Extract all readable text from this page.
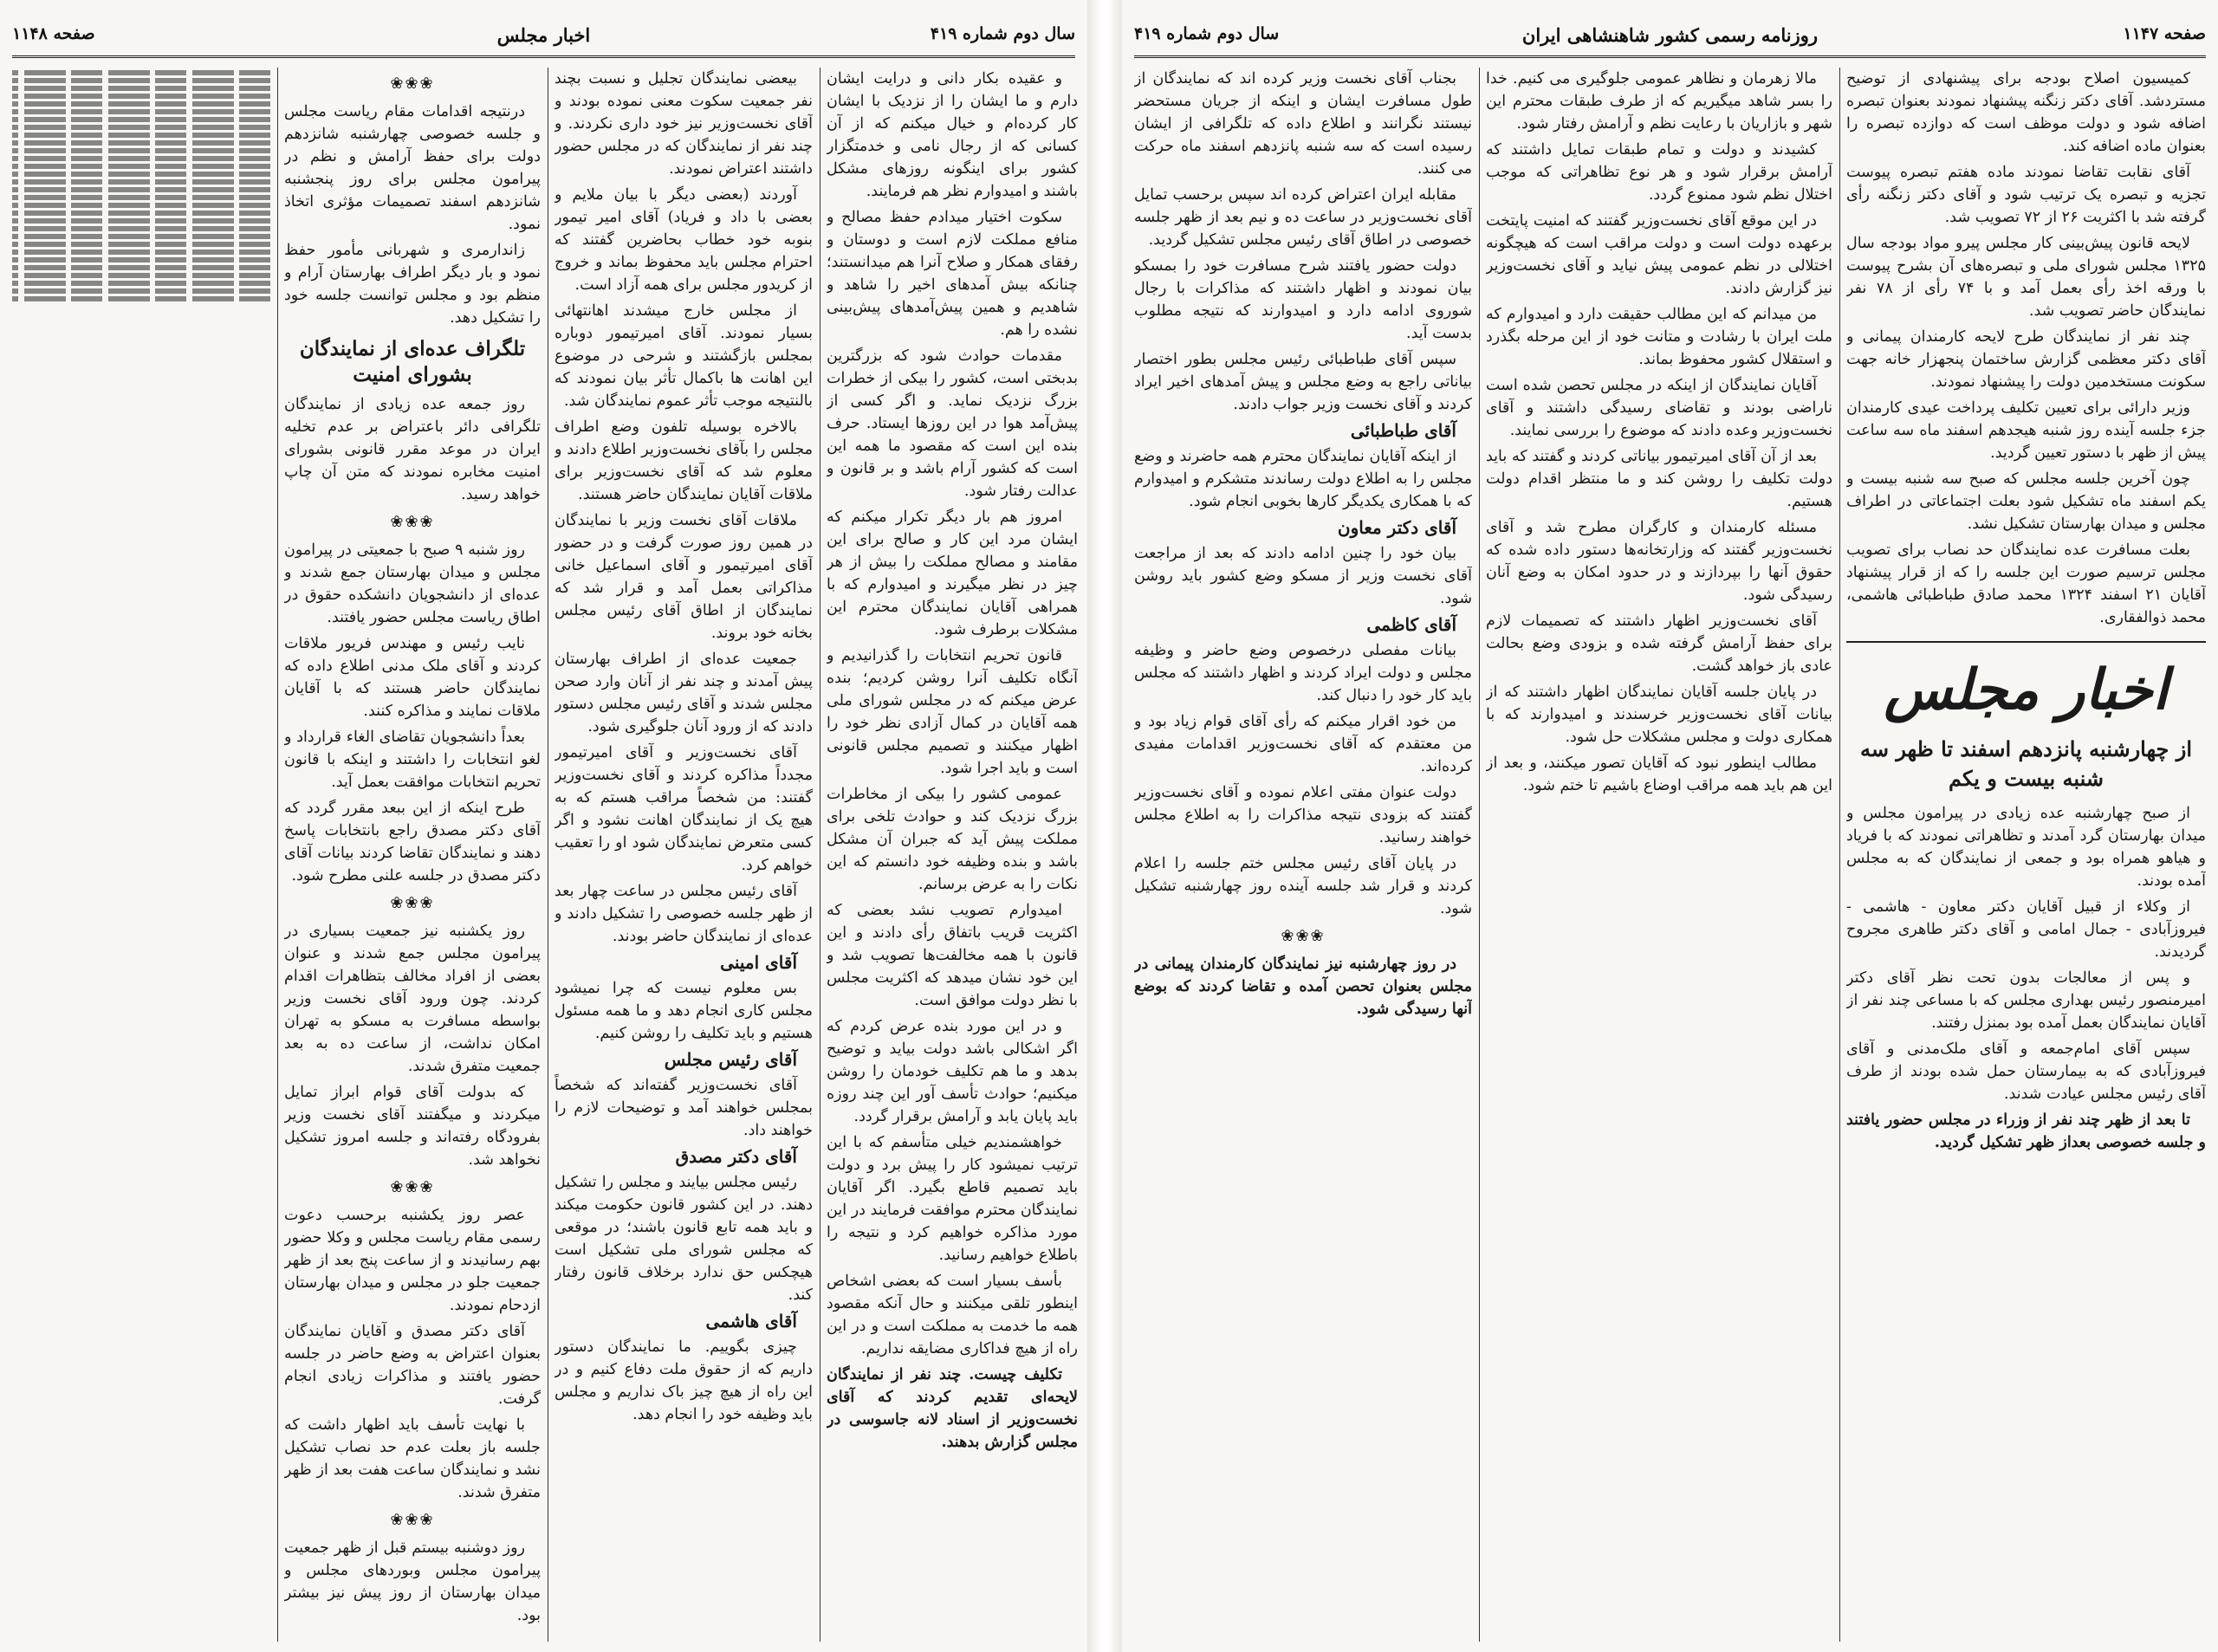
صفحه ۱۱۴۸	اخبار مجلس	سال دوم شماره ۴۱۹
❀❀❀
درنتیجه اقدامات مقام ریاست مجلس و جلسه خصوصی چهارشنبه شانزدهم دولت برای حفظ آرامش و نظم در پیرامون مجلس برای روز پنجشنبه شانزدهم اسفند تصمیمات مؤثری اتخاذ نمود.
زاندارمری و شهربانی مأمور حفظ نمود و بار دیگر اطراف بهارستان آرام و منظم بود و مجلس توانست جلسه خود را تشکیل دهد.
تلگراف عده‌ای از نمایندگان بشورای امنیت
روز جمعه عده زیادی از نمایندگان تلگرافی دائر باعتراض بر عدم تخلیه ایران در موعد مقرر قانونی بشورای امنیت مخابره نمودند که متن آن چاپ خواهد رسید.
❀❀❀
روز شنبه ۹ صبح با جمعیتی در پیرامون مجلس و میدان بهارستان جمع شدند و عده‌ای از دانشجویان دانشکده حقوق در اطاق ریاست مجلس حضور یافتند.
نایب رئیس و مهندس فریور ملاقات کردند و آقای ملک مدنی اطلاع داده که نمایندگان حاضر هستند که با آقایان ملاقات نمایند و مذاکره کنند.
بعداً دانشجویان تقاضای الغاء قرارداد و لغو انتخابات را داشتند و اینکه با قانون تحریم انتخابات موافقت بعمل آید.
طرح اینکه از این ببعد مقرر گردد که آقای دکتر مصدق راجع بانتخابات پاسخ دهند و نمایندگان تقاضا کردند بیانات آقای دکتر مصدق در جلسه علنی مطرح شود.
❀❀❀
روز یکشنبه نیز جمعیت بسیاری در پیرامون مجلس جمع شدند و عنوان بعضی از افراد مخالف بتظاهرات اقدام کردند. چون ورود آقای نخست وزیر بواسطه مسافرت به مسکو به تهران امکان نداشت، از ساعت ده به بعد جمعیت متفرق شدند.
که بدولت آقای قوام ابراز تمایل میکردند و میگفتند آقای نخست وزیر بفرودگاه رفته‌اند و جلسه امروز تشکیل نخواهد شد.
❀❀❀
عصر روز یکشنبه برحسب دعوت رسمی مقام ریاست مجلس و وکلا حضور بهم رسانیدند و از ساعت پنج بعد از ظهر جمعیت جلو در مجلس و میدان بهارستان ازدحام نمودند.
آقای دکتر مصدق و آقایان نمایندگان بعنوان اعتراض به وضع حاضر در جلسه حضور یافتند و مذاکرات زیادی انجام گرفت.
با نهایت تأسف باید اظهار داشت که جلسه باز بعلت عدم حد نصاب تشکیل نشد و نمایندگان ساعت هفت بعد از ظهر متفرق شدند.
❀❀❀
روز دوشنبه بیستم قبل از ظهر جمعیت پیرامون مجلس وبوردهای مجلس و میدان بهارستان از روز پیش نیز بیشتر بود.
بیعضی نمایندگان تجلیل و نسبت بچند نفر جمعیت سکوت معنی نموده بودند و آقای نخست‌وزیر نیز خود داری نکردند. و چند نفر از نمایندگان که در مجلس حضور داشتند اعتراض نمودند.
آوردند (بعضی دیگر با بیان ملایم و بعضی با داد و فریاد) آقای امیر تیمور بنوبه خود خطاب بحاضرین گفتند که احترام مجلس باید محفوظ بماند و خروج از کریدور مجلس برای همه آزاد است.
از مجلس خارج میشدند اهانتهائی بسیار نمودند. آقای امیرتیمور دوباره بمجلس بازگشتند و شرحی در موضوع این اهانت ها باکمال تأثر بیان نمودند که بالنتیجه موجب تأثر عموم نمایندگان شد.
بالاخره بوسیله تلفون وضع اطراف مجلس را بآقای نخست‌وزیر اطلاع دادند و معلوم شد که آقای نخست‌وزیر برای ملاقات آقایان نمایندگان حاضر هستند.
ملاقات آقای نخست وزیر با نمایندگان در همین روز صورت گرفت و در حضور آقای امیرتیمور و آقای اسماعیل خانی مذاکراتی بعمل آمد و قرار شد که نمایندگان از اطاق آقای رئیس مجلس بخانه خود بروند.
جمعیت عده‌ای از اطراف بهارستان پیش آمدند و چند نفر از آنان وارد صحن مجلس شدند و آقای رئیس مجلس دستور دادند که از ورود آنان جلوگیری شود.
آقای نخست‌وزیر و آقای امیرتیمور مجدداً مذاکره کردند و آقای نخست‌وزیر گفتند: من شخصاً مراقب هستم که به هیچ یک از نمایندگان اهانت نشود و اگر کسی متعرض نمایندگان شود او را تعقیب خواهم کرد.
آقای رئیس مجلس در ساعت چهار بعد از ظهر جلسه خصوصی را تشکیل دادند و عده‌ای از نمایندگان حاضر بودند.
آقای امینی
بس معلوم نیست که چرا نمیشود مجلس کاری انجام دهد و ما همه مسئول هستیم و باید تکلیف را روشن کنیم.
آقای رئیس مجلس
آقای نخست‌وزیر گفته‌اند که شخصاً بمجلس خواهند آمد و توضیحات لازم را خواهند داد.
آقای دکتر مصدق
رئیس مجلس بیایند و مجلس را تشکیل دهند. در این کشور قانون حکومت میکند و باید همه تابع قانون باشند؛ در موقعی که مجلس شورای ملی تشکیل است هیچکس حق ندارد برخلاف قانون رفتار کند.
آقای هاشمی
چیزی بگوییم. ما نمایندگان دستور داریم که از حقوق ملت دفاع کنیم و در این راه از هیچ چیز باک نداریم و مجلس باید وظیفه خود را انجام دهد.
و عقیده بکار دانی و درایت ایشان دارم و ما ایشان را از نزدیک با ایشان کار کرده‌ام و خیال میکنم که از آن کسانی که از رجال نامی و خدمتگزار کشور برای اینگونه روزهای مشکل باشند و امیدوارم نظر هم فرمایند.
سکوت اختیار میدادم حفظ مصالح و منافع مملکت لازم است و دوستان و رفقای همکار و صلاح آنرا هم میدانستند؛ چنانکه بیش آمدهای اخیر را شاهد و شاهدیم و همین پیش‌آمدهای پیش‌بینی نشده را هم.
مقدمات حوادث شود که بزرگترین بدبختی است، کشور را بیکی از خطرات بزرگ نزدیک نماید. و اگر کسی از پیش‌آمد هوا در این روزها ایستاد. حرف بنده این است که مقصود ما همه این است که کشور آرام باشد و بر قانون و عدالت رفتار شود.
امروز هم بار دیگر تکرار میکنم که ایشان مرد این کار و صالح برای این مقامند و مصالح مملکت را بیش از هر چیز در نظر میگیرند و امیدوارم که با همراهی آقایان نمایندگان محترم این مشکلات برطرف شود.
قانون تحریم انتخابات را گذرانیدیم و آنگاه تکلیف آنرا روشن کردیم؛ بنده عرض میکنم که در مجلس شورای ملی همه آقایان در کمال آزادی نظر خود را اظهار میکنند و تصمیم مجلس قانونی است و باید اجرا شود.
عمومی کشور را بیکی از مخاطرات بزرگ نزدیک کند و حوادث تلخی برای مملکت پیش آید که جبران آن مشکل باشد و بنده وظیفه خود دانستم که این نکات را به عرض برسانم.
امیدوارم تصویب نشد بعضی که اکثریت قریب باتفاق رأی دادند و این قانون با همه مخالفت‌ها تصویب شد و این خود نشان میدهد که اکثریت مجلس با نظر دولت موافق است.
و در این مورد بنده عرض کردم که اگر اشکالی باشد دولت بیاید و توضیح بدهد و ما هم تکلیف خودمان را روشن میکنیم؛ حوادث تأسف آور این چند روزه باید پایان یابد و آرامش برقرار گردد.
خواهشمندیم خیلی متأسفم که با این ترتیب نمیشود کار را پیش برد و دولت باید تصمیم قاطع بگیرد. اگر آقایان نمایندگان محترم موافقت فرمایند در این مورد مذاکره خواهیم کرد و نتیجه را باطلاع خواهیم رسانید.
بأسف بسیار است که بعضی اشخاص اینطور تلقی میکنند و حال آنکه مقصود همه ما خدمت به مملکت است و در این راه از هیچ فداکاری مضایقه نداریم.
تکلیف چیست. چند نفر از نمایندگان لایحه‌ای تقدیم کردند که آقای نخست‌وزیر از اسناد لانه جاسوسی در مجلس گزارش بدهند.
سال دوم شماره ۴۱۹	روزنامه رسمی کشور شاهنشاهی ایران	صفحه ۱۱۴۷
بجناب آقای نخست وزیر کرده اند که نمایندگان از طول مسافرت ایشان و اینکه از جریان مستحضر نیستند نگرانند و اطلاع داده که تلگرافی از ایشان رسیده است که سه شنبه پانزدهم اسفند ماه حرکت می کنند.
مقابله ایران اعتراض کرده اند سپس برحسب تمایل آقای نخست‌وزیر در ساعت ده و نیم بعد از ظهر جلسه خصوصی در اطاق آقای رئیس مجلس تشکیل گردید.
دولت حضور یافتند شرح مسافرت خود را بمسکو بیان نمودند و اظهار داشتند که مذاکرات با رجال شوروی ادامه دارد و امیدوارند که نتیجه مطلوب بدست آید.
سپس آقای طباطبائی رئیس مجلس بطور اختصار بیاناتی راجع به وضع مجلس و پیش آمدهای اخیر ایراد کردند و آقای نخست وزیر جواب دادند.
آقای طباطبائی
از اینکه آقایان نمایندگان محترم همه حاضرند و وضع مجلس را به اطلاع دولت رساندند متشکرم و امیدوارم که با همکاری یکدیگر کارها بخوبی انجام شود.
آقای دکتر معاون
بیان خود را چنین ادامه دادند که بعد از مراجعت آقای نخست وزیر از مسکو وضع کشور باید روشن شود.
آقای کاظمی
بیانات مفصلی درخصوص وضع حاضر و وظیفه مجلس و دولت ایراد کردند و اظهار داشتند که مجلس باید کار خود را دنبال کند.
من خود اقرار میکنم که رأی آقای قوام زیاد بود و من معتقدم که آقای نخست‌وزیر اقدامات مفیدی کرده‌اند.
دولت عنوان مفتی اعلام نموده و آقای نخست‌وزیر گفتند که بزودی نتیجه مذاکرات را به اطلاع مجلس خواهند رسانید.
در پایان آقای رئیس مجلس ختم جلسه را اعلام کردند و قرار شد جلسه آینده روز چهارشنبه تشکیل شود.
❀❀❀
در روز چهارشنبه نیز نمایندگان کارمندان پیمانی در مجلس بعنوان تحصن آمده و تقاضا کردند که بوضع آنها رسیدگی شود.
مالا زهرمان و نظاهر عمومی جلوگیری می کنیم. خدا را بسر شاهد میگیریم که از طرف طبقات محترم این شهر و بازاریان با رعایت نظم و آرامش رفتار شود.
کشیدند و دولت و تمام طبقات تمایل داشتند که آرامش برقرار شود و هر نوع تظاهراتی که موجب اختلال نظم شود ممنوع گردد.
در این موقع آقای نخست‌وزیر گفتند که امنیت پایتخت برعهده دولت است و دولت مراقب است که هیچگونه اختلالی در نظم عمومی پیش نیاید و آقای نخست‌وزیر نیز گزارش دادند.
من میدانم که این مطالب حقیقت دارد و امیدوارم که ملت ایران با رشادت و متانت خود از این مرحله بگذرد و استقلال کشور محفوظ بماند.
آقایان نمایندگان از اینکه در مجلس تحصن شده است ناراضی بودند و تقاضای رسیدگی داشتند و آقای نخست‌وزیر وعده دادند که موضوع را بررسی نمایند.
بعد از آن آقای امیرتیمور بیاناتی کردند و گفتند که باید دولت تکلیف را روشن کند و ما منتظر اقدام دولت هستیم.
مسئله کارمندان و کارگران مطرح شد و آقای نخست‌وزیر گفتند که وزارتخانه‌ها دستور داده شده که حقوق آنها را بپردازند و در حدود امکان به وضع آنان رسیدگی شود.
آقای نخست‌وزیر اظهار داشتند که تصمیمات لازم برای حفظ آرامش گرفته شده و بزودی وضع بحالت عادی باز خواهد گشت.
در پایان جلسه آقایان نمایندگان اظهار داشتند که از بیانات آقای نخست‌وزیر خرسندند و امیدوارند که با همکاری دولت و مجلس مشکلات حل شود.
مطالب اینطور نبود که آقایان تصور میکنند، و بعد از این هم باید همه مراقب اوضاع باشیم تا ختم شود.
کمیسیون اصلاح بودجه برای پیشنهادی از توضیح مستردشد. آقای دکتر زنگنه پیشنهاد نمودند بعنوان تبصره اضافه شود و دولت موظف است که دوازده تبصره را بعنوان ماده اضافه کند.
آقای نقابت تقاضا نمودند ماده هفتم تبصره پیوست تجزیه و تبصره یک ترتیب شود و آقای دکتر زنگنه رأی گرفته شد با اکثریت ۲۶ از ۷۲ تصویب شد.
لایحه قانون پیش‌بینی کار مجلس پیرو مواد بودجه سال ۱۳۲۵ مجلس شورای ملی و تبصره‌های آن بشرح پیوست با ورقه اخذ رأی بعمل آمد و با ۷۴ رأی از ۷۸ نفر نمایندگان حاضر تصویب شد.
چند نفر از نمایندگان طرح لایحه کارمندان پیمانی و آقای دکتر معظمی گزارش ساختمان پنجهزار خانه جهت سکونت مستخدمین دولت را پیشنهاد نمودند.
وزیر دارائی برای تعیین تکلیف پرداخت عیدی کارمندان جزء جلسه آینده روز شنبه هیجدهم اسفند ماه سه ساعت پیش از ظهر با دستور تعیین گردید.
چون آخرین جلسه مجلس که صبح سه شنبه بیست و یکم اسفند ماه تشکیل شود بعلت اجتماعاتی در اطراف مجلس و میدان بهارستان تشکیل نشد.
بعلت مسافرت عده نمایندگان حد نصاب برای تصویب مجلس ترسیم صورت این جلسه را که از قرار پیشنهاد آقایان ۲۱ اسفند ۱۳۲۴ محمد صادق طباطبائی هاشمی، محمد ذوالفقاری.
اخبار مجلس
از چهارشنبه پانزدهم اسفند تا ظهر سه شنبه بیست و یکم
از صبح چهارشنبه عده زیادی در پیرامون مجلس و میدان بهارستان گرد آمدند و تظاهراتی نمودند که با فریاد و هیاهو همراه بود و جمعی از نمایندگان که به مجلس آمده بودند.
از وکلاء از قبیل آقایان دکتر معاون - هاشمی - فیروزآبادی - جمال امامی و آقای دکتر طاهری مجروح گردیدند.
و پس از معالجات بدون تحت نظر آقای دکتر امیرمنصور رئیس بهداری مجلس که با مساعی چند نفر از آقایان نمایندگان بعمل آمده بود بمنزل رفتند.
سپس آقای امام‌جمعه و آقای ملک‌مدنی و آقای فیروزآبادی که به بیمارستان حمل شده بودند از طرف آقای رئیس مجلس عیادت شدند.
تا بعد از ظهر چند نفر از وزراء در مجلس حضور یافتند و جلسه خصوصی بعداز ظهر تشکیل گردید.
